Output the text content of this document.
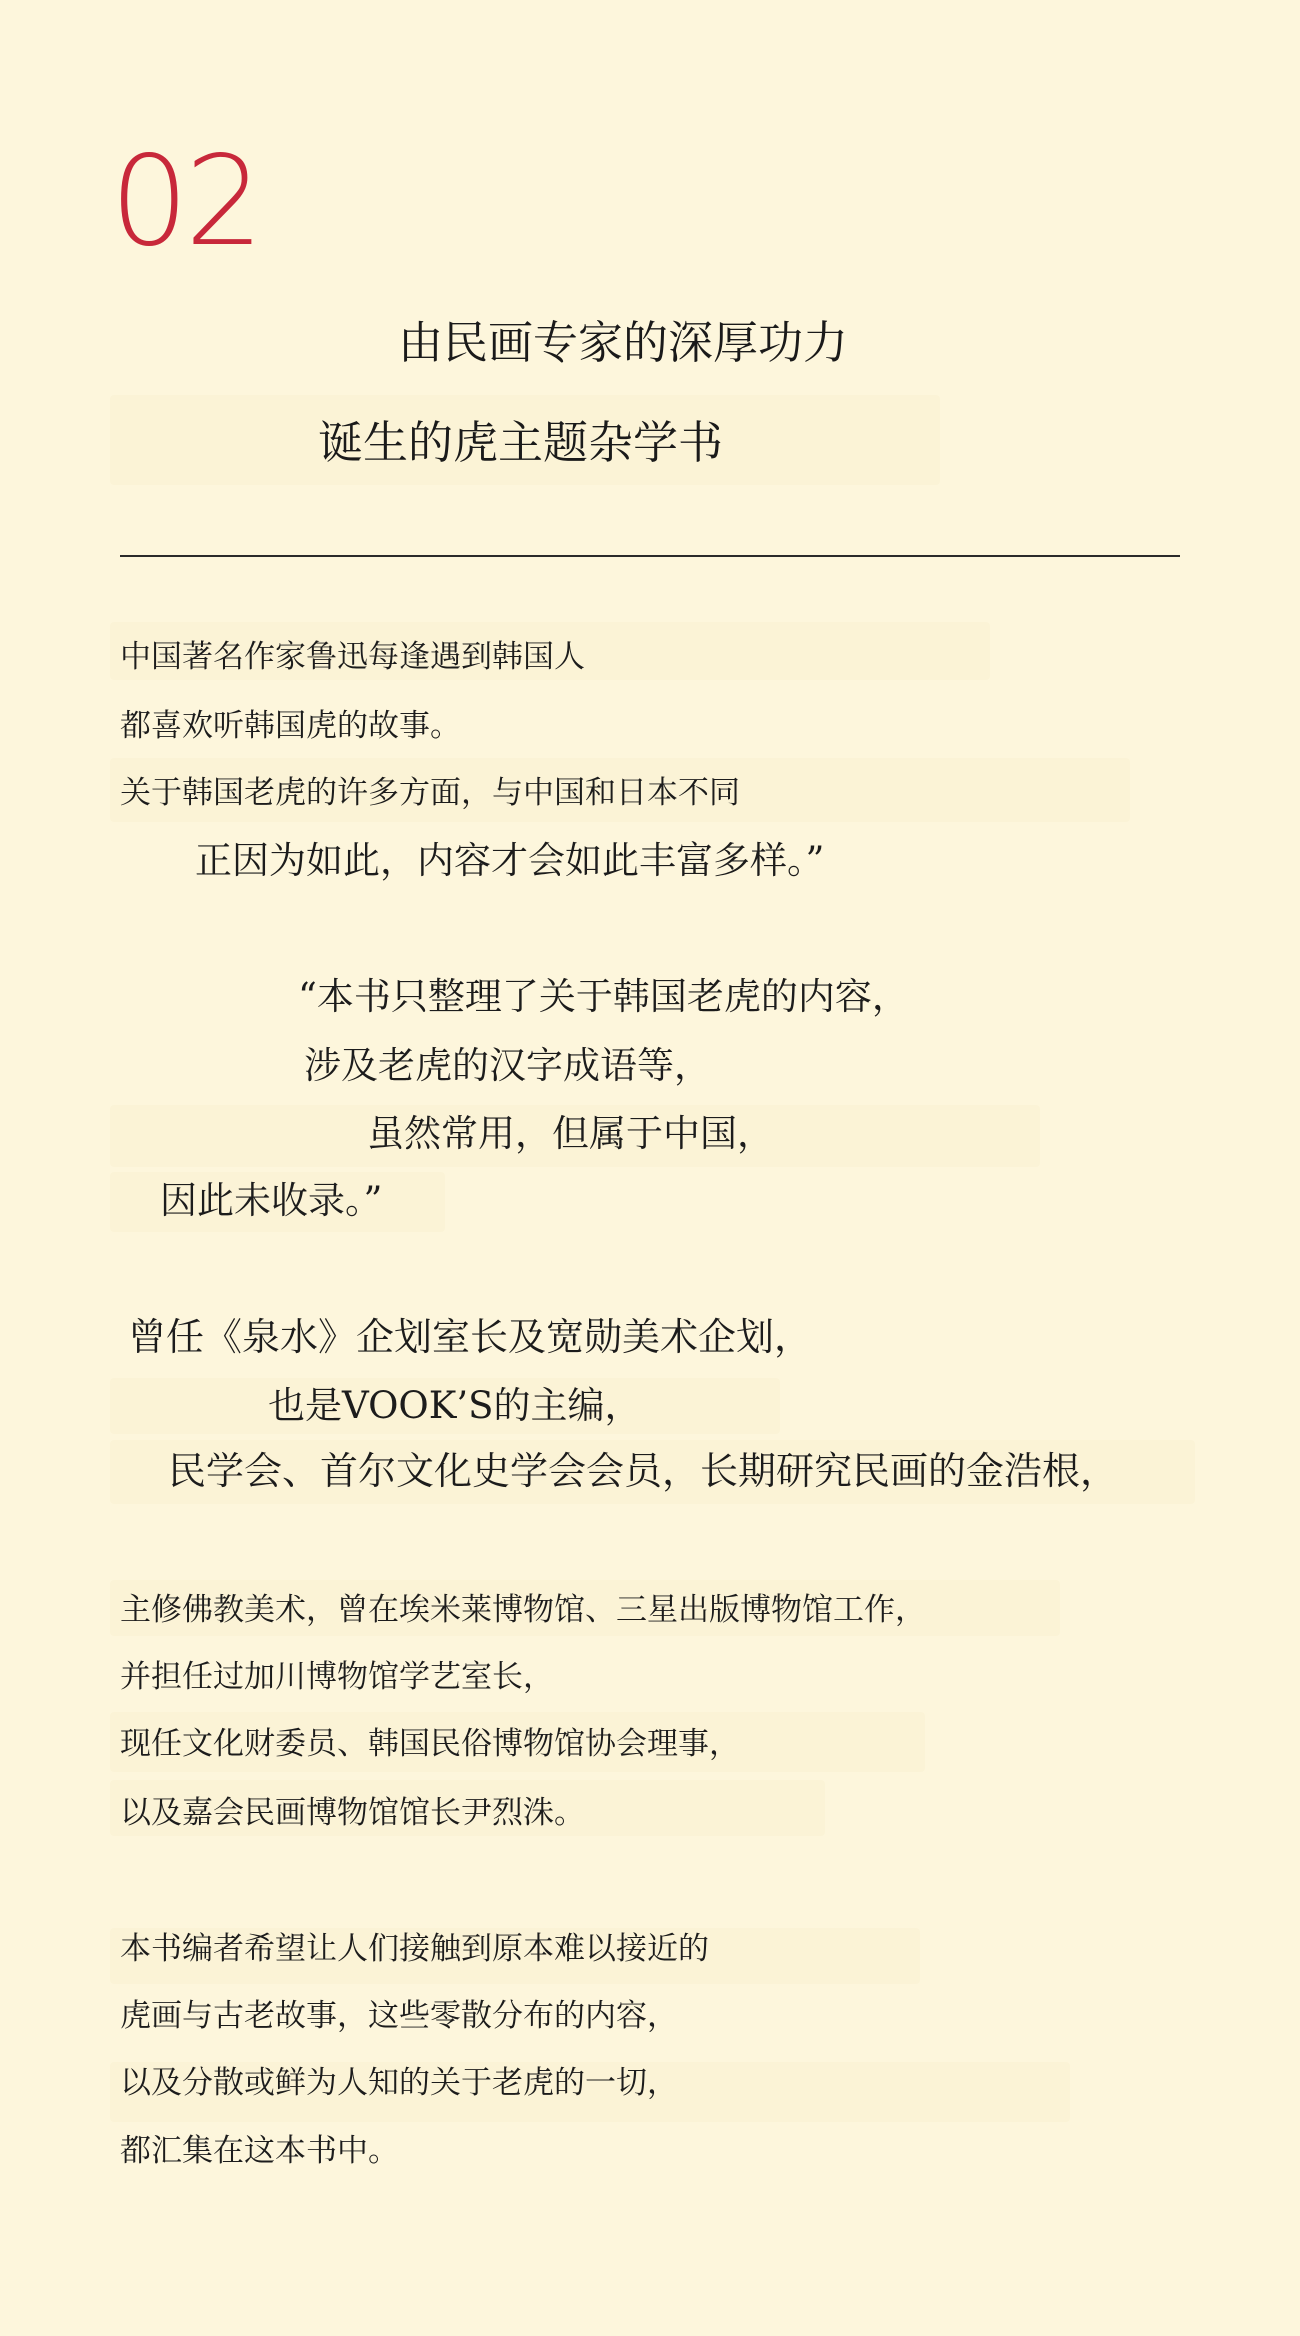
02
由民画专家的深厚功力
诞生的虎主题杂学书
中国著名作家鲁迅每逢遇到韩国人
都喜欢听韩国虎的故事。
关于韩国老虎的许多方面，与中国和日本不同
正因为如此，内容才会如此丰富多样。”
“本书只整理了关于韩国老虎的内容，
涉及老虎的汉字成语等，
虽然常用，但属于中国，
因此未收录。”
曾任《泉水》企划室长及宽勋美术企划，
也是VOOK’S的主编，
民学会、首尔文化史学会会员，长期研究民画的金浩根，
主修佛教美术，曾在埃米莱博物馆、三星出版博物馆工作，
并担任过加川博物馆学艺室长，
现任文化财委员、韩国民俗博物馆协会理事，
以及嘉会民画博物馆馆长尹烈洙。
本书编者希望让人们接触到原本难以接近的
虎画与古老故事，这些零散分布的内容，
以及分散或鲜为人知的关于老虎的一切，
都汇集在这本书中。
